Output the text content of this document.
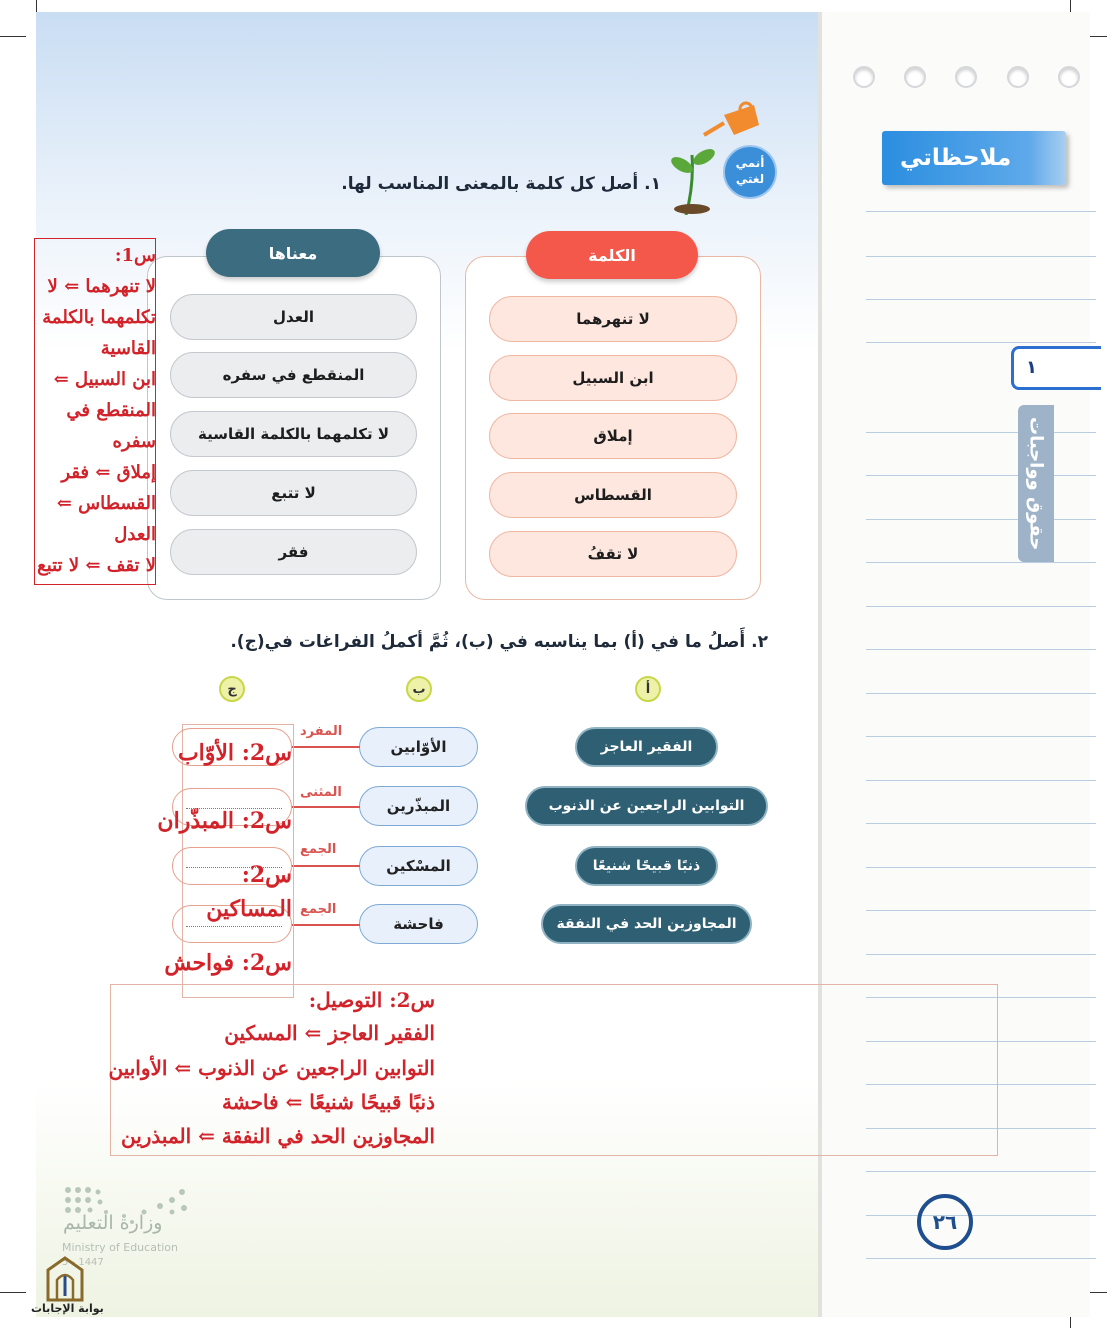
ملاحظاتي
١
حقوق وواجبات
٢٦
أنمي
لغتي
١. أصل كل كلمة بالمعنى المناسب لها.
الكلمة
معناها
لا تنهرهما
ابن السبيل
إملاق
القسطاس
لا تقفُ
العدل
المنقطع في سفره
لا تكلمهما بالكلمة القاسية
لا تتبع
فقر
س1:
لا تنهرهما ⇐ لا تكلمهما بالكلمة القاسية
ابن السبيل ⇐ المنقطع في سفره
إملاق ⇐ فقر
القسطاس ⇐ العدل
لا تقف ⇐ لا تتبع
٢. أَصلُ ما في (أ) بما يناسبه في (ب)، ثُمَّ أكملُ الفراغات في(ج).
أ
ب
ج
الفقير العاجز
التوابين الراجعين عن الذنوب
ذنبًا قبيحًا شنيعًا
المجاوزين الحد في النفقة
الأوّابين
المبذّرين
المسْكين
فاحشة
المفرد
المثنى
الجمع
الجمع
س2: الأوّاب
س2: المبذّران
س2:
المساكين
س2: فواحش
س2: التوصيل:
الفقير العاجز ⇐ المسكين
التوابين الراجعين عن الذنوب ⇐ الأوابين
ذنبًا قبيحًا شنيعًا ⇐ فاحشة
المجاوزين الحد في النفقة ⇐ المبذرين
وزارة التعليم
Ministry of Education
5 - 1447
بوابة الإجابات
